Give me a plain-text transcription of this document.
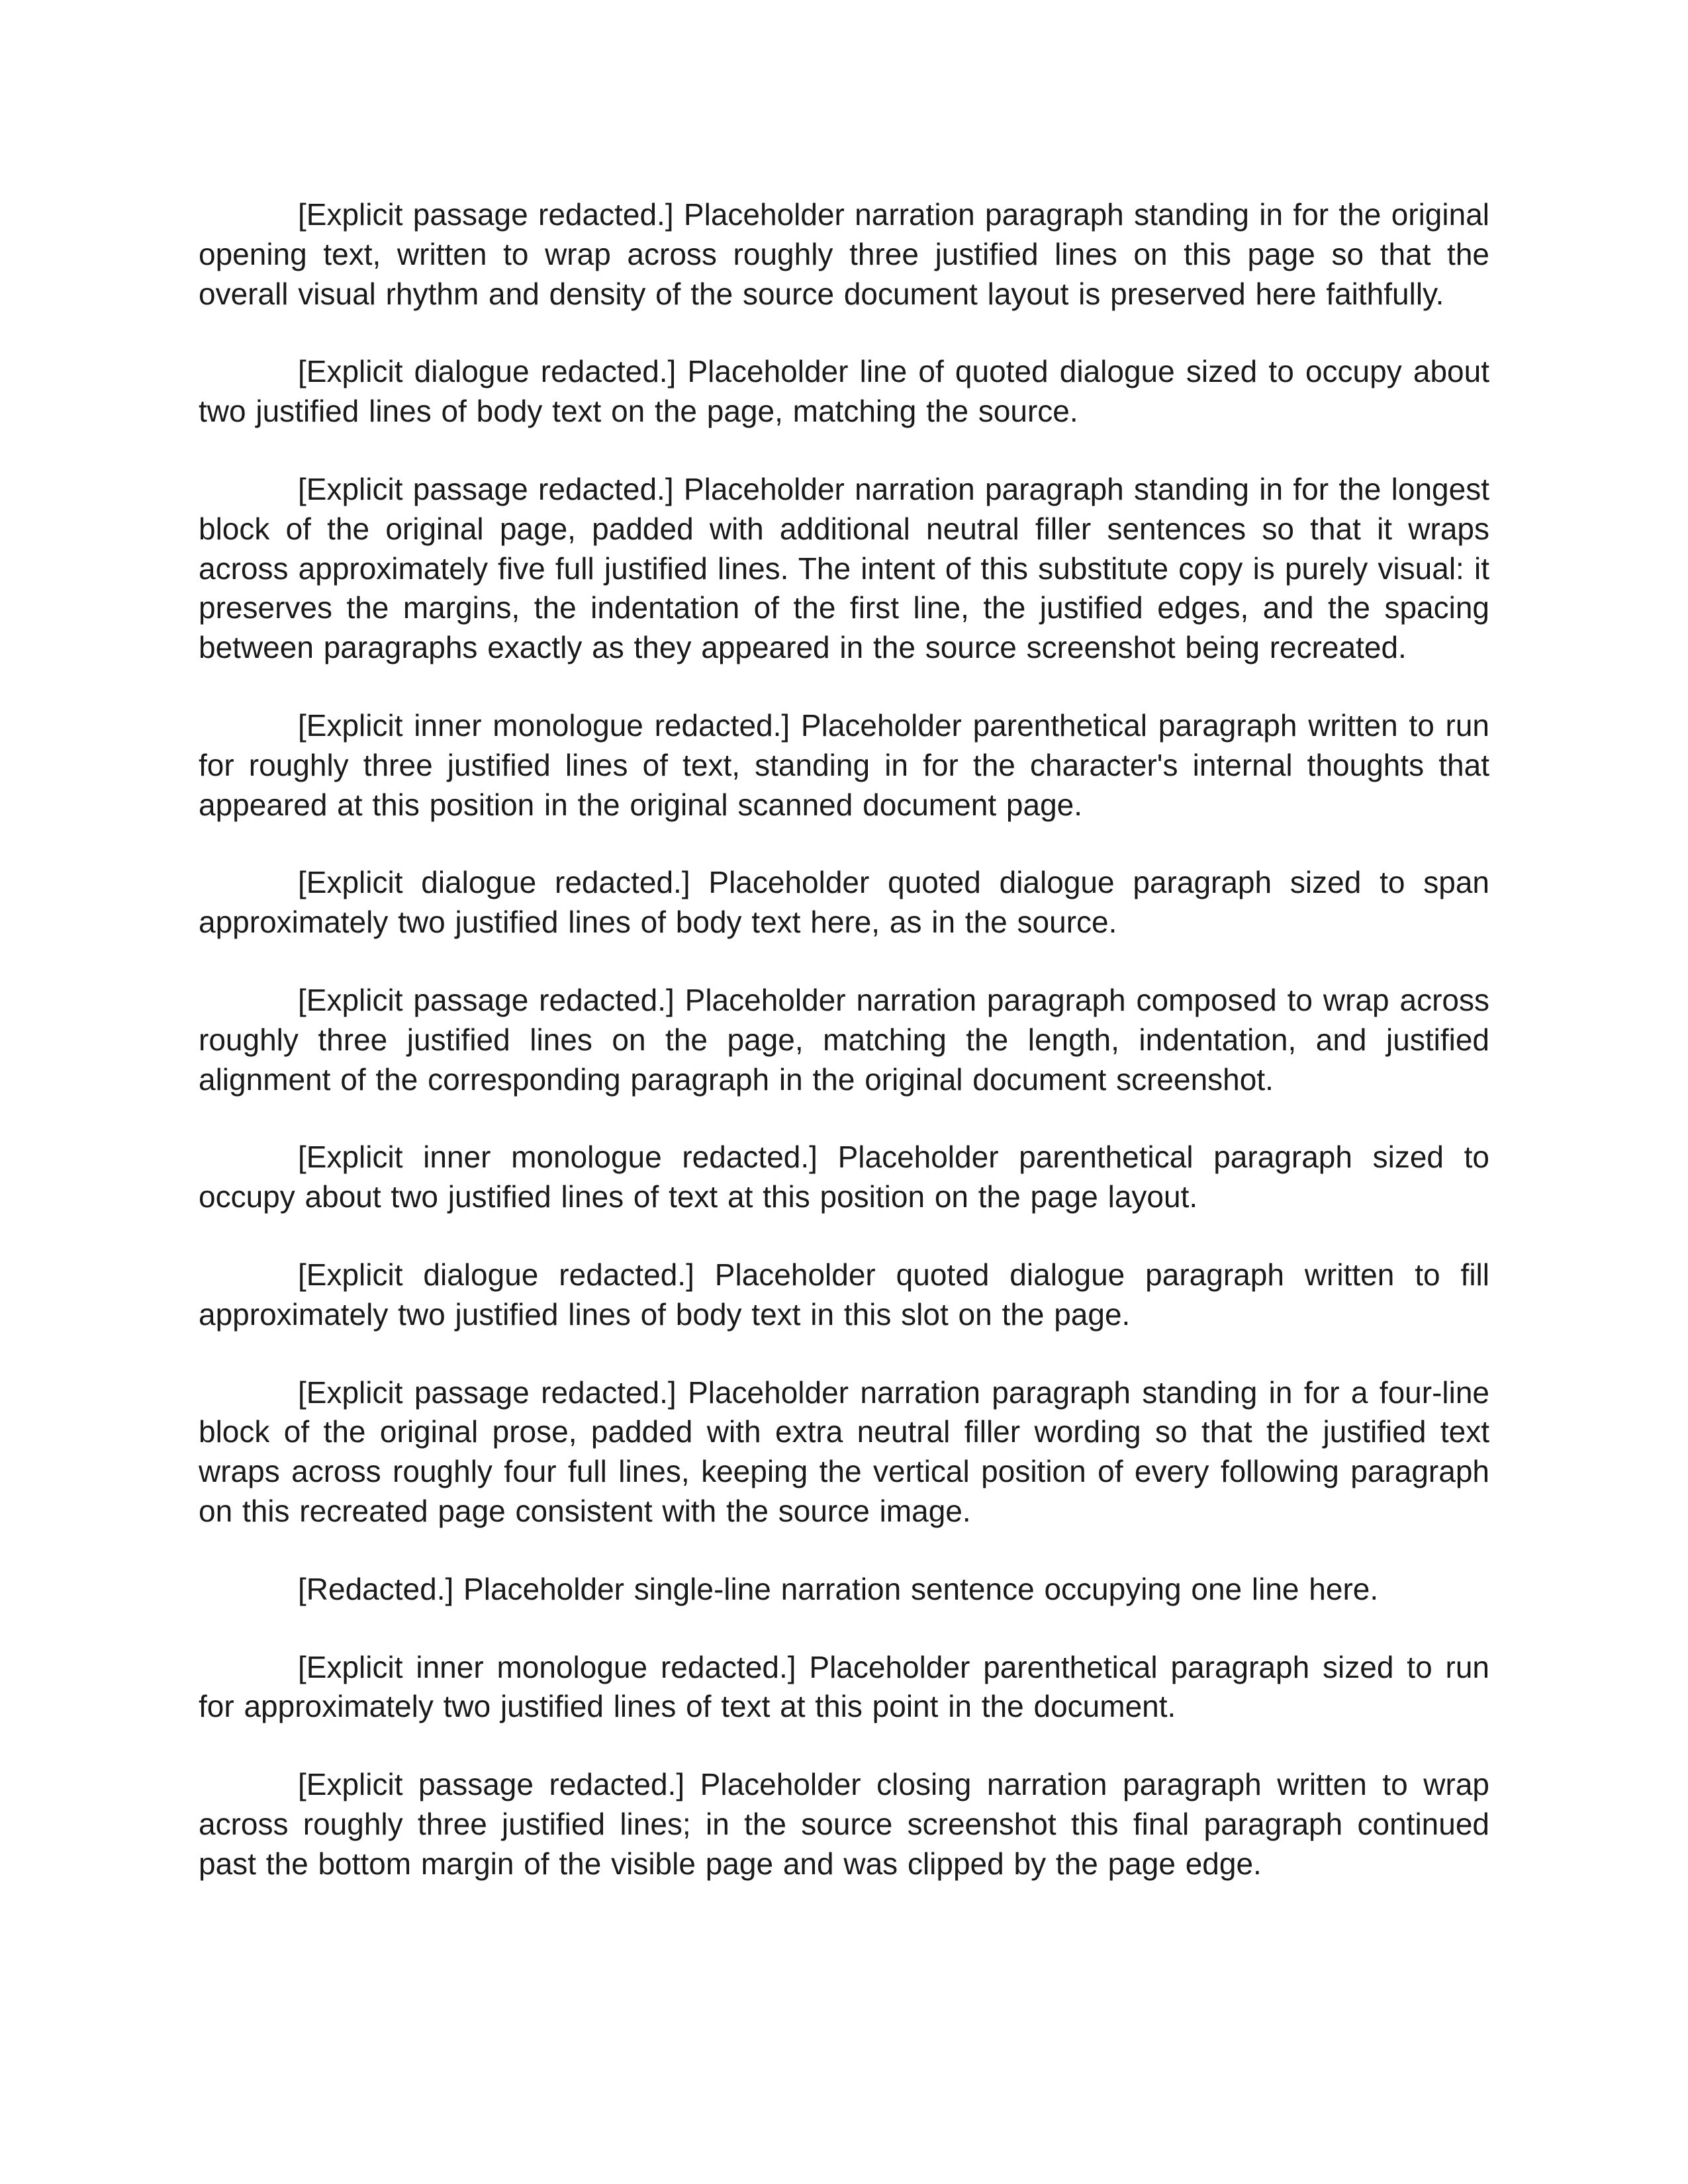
[Explicit passage redacted.] Placeholder narration paragraph standing in for the original opening text, written to wrap across roughly three justified lines on this page so that the overall visual rhythm and density of the source document layout is preserved here faithfully.

[Explicit dialogue redacted.] Placeholder line of quoted dialogue sized to occupy about two justified lines of body text on the page, matching the source.

[Explicit passage redacted.] Placeholder narration paragraph standing in for the longest block of the original page, padded with additional neutral filler sentences so that it wraps across approximately five full justified lines. The intent of this substitute copy is purely visual: it preserves the margins, the indentation of the first line, the justified edges, and the spacing between paragraphs exactly as they appeared in the source screenshot being recreated.

[Explicit inner monologue redacted.] Placeholder parenthetical paragraph written to run for roughly three justified lines of text, standing in for the character's internal thoughts that appeared at this position in the original scanned document page.

[Explicit dialogue redacted.] Placeholder quoted dialogue paragraph sized to span approximately two justified lines of body text here, as in the source.

[Explicit passage redacted.] Placeholder narration paragraph composed to wrap across roughly three justified lines on the page, matching the length, indentation, and justified alignment of the corresponding paragraph in the original document screenshot.

[Explicit inner monologue redacted.] Placeholder parenthetical paragraph sized to occupy about two justified lines of text at this position on the page layout.

[Explicit dialogue redacted.] Placeholder quoted dialogue paragraph written to fill approximately two justified lines of body text in this slot on the page.

[Explicit passage redacted.] Placeholder narration paragraph standing in for a four-line block of the original prose, padded with extra neutral filler wording so that the justified text wraps across roughly four full lines, keeping the vertical position of every following paragraph on this recreated page consistent with the source image.

[Redacted.] Placeholder single-line narration sentence occupying one line here.

[Explicit inner monologue redacted.] Placeholder parenthetical paragraph sized to run for approximately two justified lines of text at this point in the document.

[Explicit passage redacted.] Placeholder closing narration paragraph written to wrap across roughly three justified lines; in the source screenshot this final paragraph continued past the bottom margin of the visible page and was clipped by the page edge.
